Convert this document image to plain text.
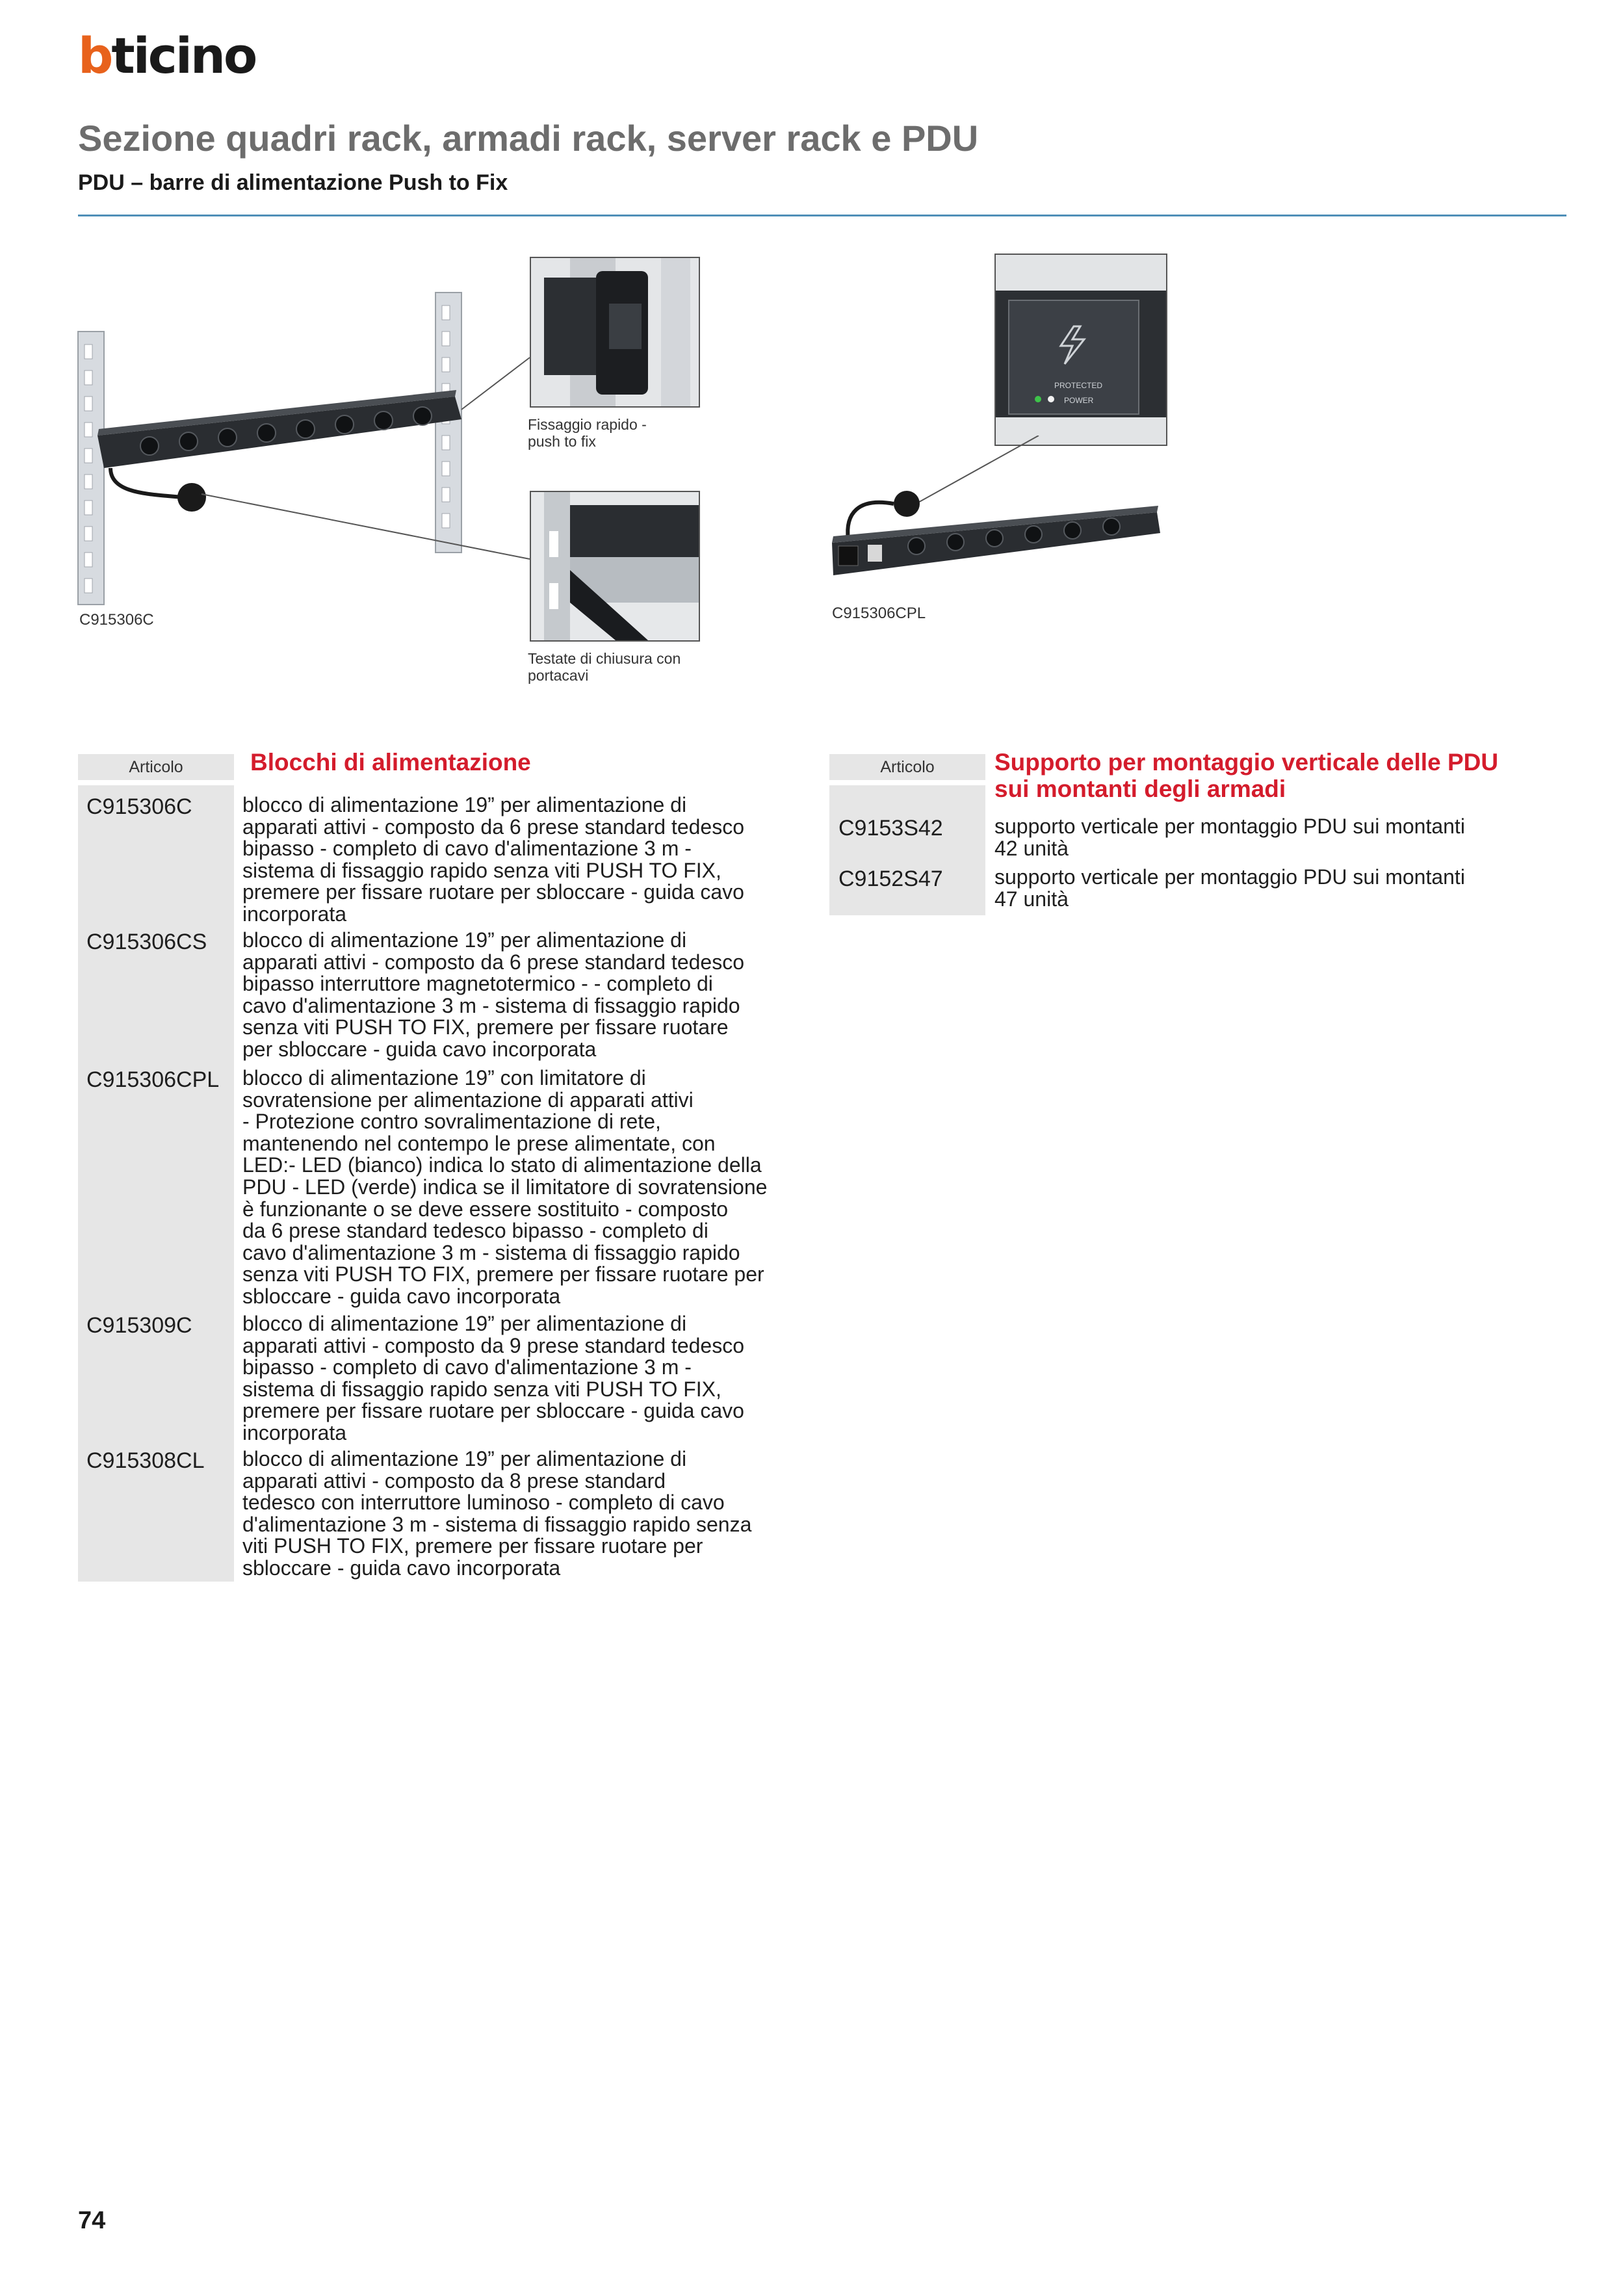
bticino
Sezione quadri rack, armadi rack, server rack e PDU
PDU – barre di alimentazione Push to Fix
Fissaggio rapido -
push to fix
Testate di chiusura con
portacavi
C915306C
PROTECTED
POWER
C915306CPL
Articolo	Blocchi di alimentazione
C915306C blocco di alimentazione 19” per alimentazione di
apparati attivi - composto da 6 prese standard tedesco
bipasso - completo di cavo d'alimentazione 3 m -
sistema di fissaggio rapido senza viti PUSH TO FIX,
premere per fissare ruotare per sbloccare - guida cavo
incorporata
C915306CS blocco di alimentazione 19” per alimentazione di
apparati attivi - composto da 6 prese standard tedesco
bipasso interruttore magnetotermico - - completo di
cavo d'alimentazione 3 m - sistema di fissaggio rapido
senza viti PUSH TO FIX, premere per fissare ruotare
per sbloccare - guida cavo incorporata
C915306CPL blocco di alimentazione 19” con limitatore di
sovratensione per alimentazione di apparati attivi
- Protezione contro sovralimentazione di rete,
mantenendo nel contempo le prese alimentate, con
LED:- LED (bianco) indica lo stato di alimentazione della
PDU - LED (verde) indica se il limitatore di sovratensione
è funzionante o se deve essere sostituito - composto
da 6 prese standard tedesco bipasso - completo di
cavo d'alimentazione 3 m - sistema di fissaggio rapido
senza viti PUSH TO FIX, premere per fissare ruotare per
sbloccare - guida cavo incorporata
C915309C blocco di alimentazione 19” per alimentazione di
apparati attivi - composto da 9 prese standard tedesco
bipasso - completo di cavo d'alimentazione 3 m -
sistema di fissaggio rapido senza viti PUSH TO FIX,
premere per fissare ruotare per sbloccare - guida cavo
incorporata
C915308CL blocco di alimentazione 19” per alimentazione di
apparati attivi - composto da 8 prese standard
tedesco con interruttore luminoso - completo di cavo
d'alimentazione 3 m - sistema di fissaggio rapido senza
viti PUSH TO FIX, premere per fissare ruotare per
sbloccare - guida cavo incorporata
Articolo	Supporto per montaggio verticale delle PDU
sui montanti degli armadi
C9153S42 supporto verticale per montaggio PDU sui montanti
42 unità
C9152S47 supporto verticale per montaggio PDU sui montanti
47 unità
74
